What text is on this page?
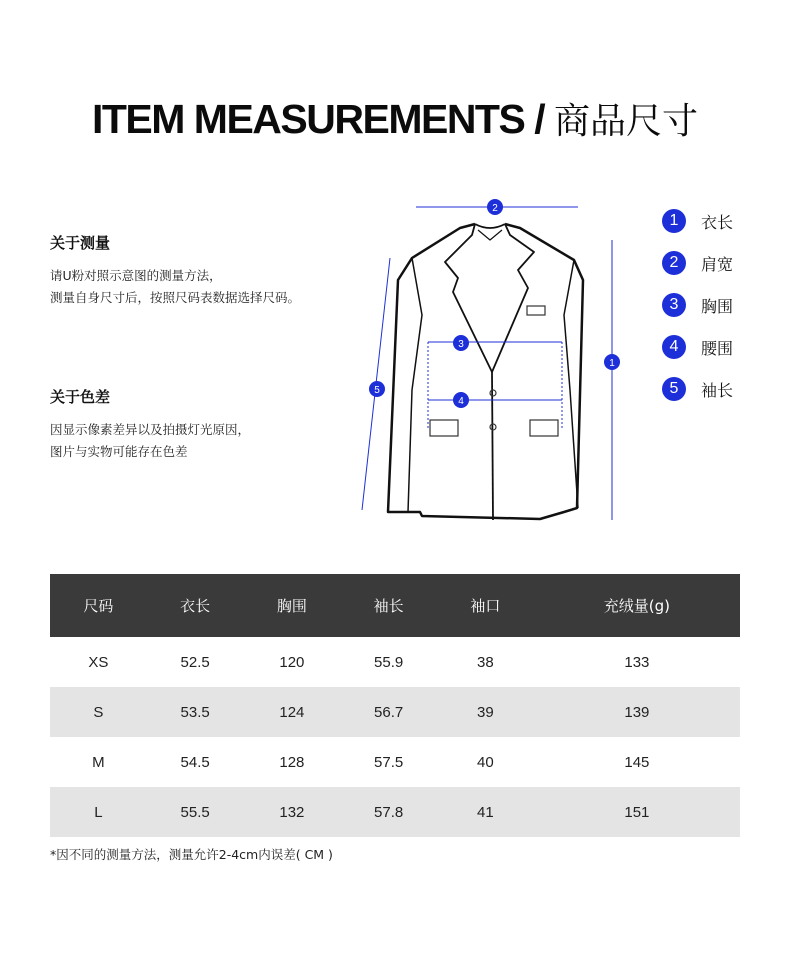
ITEM MEASUREMENTS / 商品尺寸
关于测量
请U粉对照示意图的测量方法，
测量自身尺寸后，按照尺码表数据选择尺码。
关于色差
因显示像素差异以及拍摄灯光原因，
图片与实物可能存在色差
2
1
5
3
4
1	衣长
2	肩宽
3	胸围
4	腰围
5	袖长
尺码	衣长	胸围	袖长	袖口	充绒量(g)
XS	52.5	120	55.9	38	133
S	53.5	124	56.7	39	139
M	54.5	128	57.5	40	145
L	55.5	132	57.8	41	151
*因不同的测量方法，测量允许2-4cm内误差( CM )
